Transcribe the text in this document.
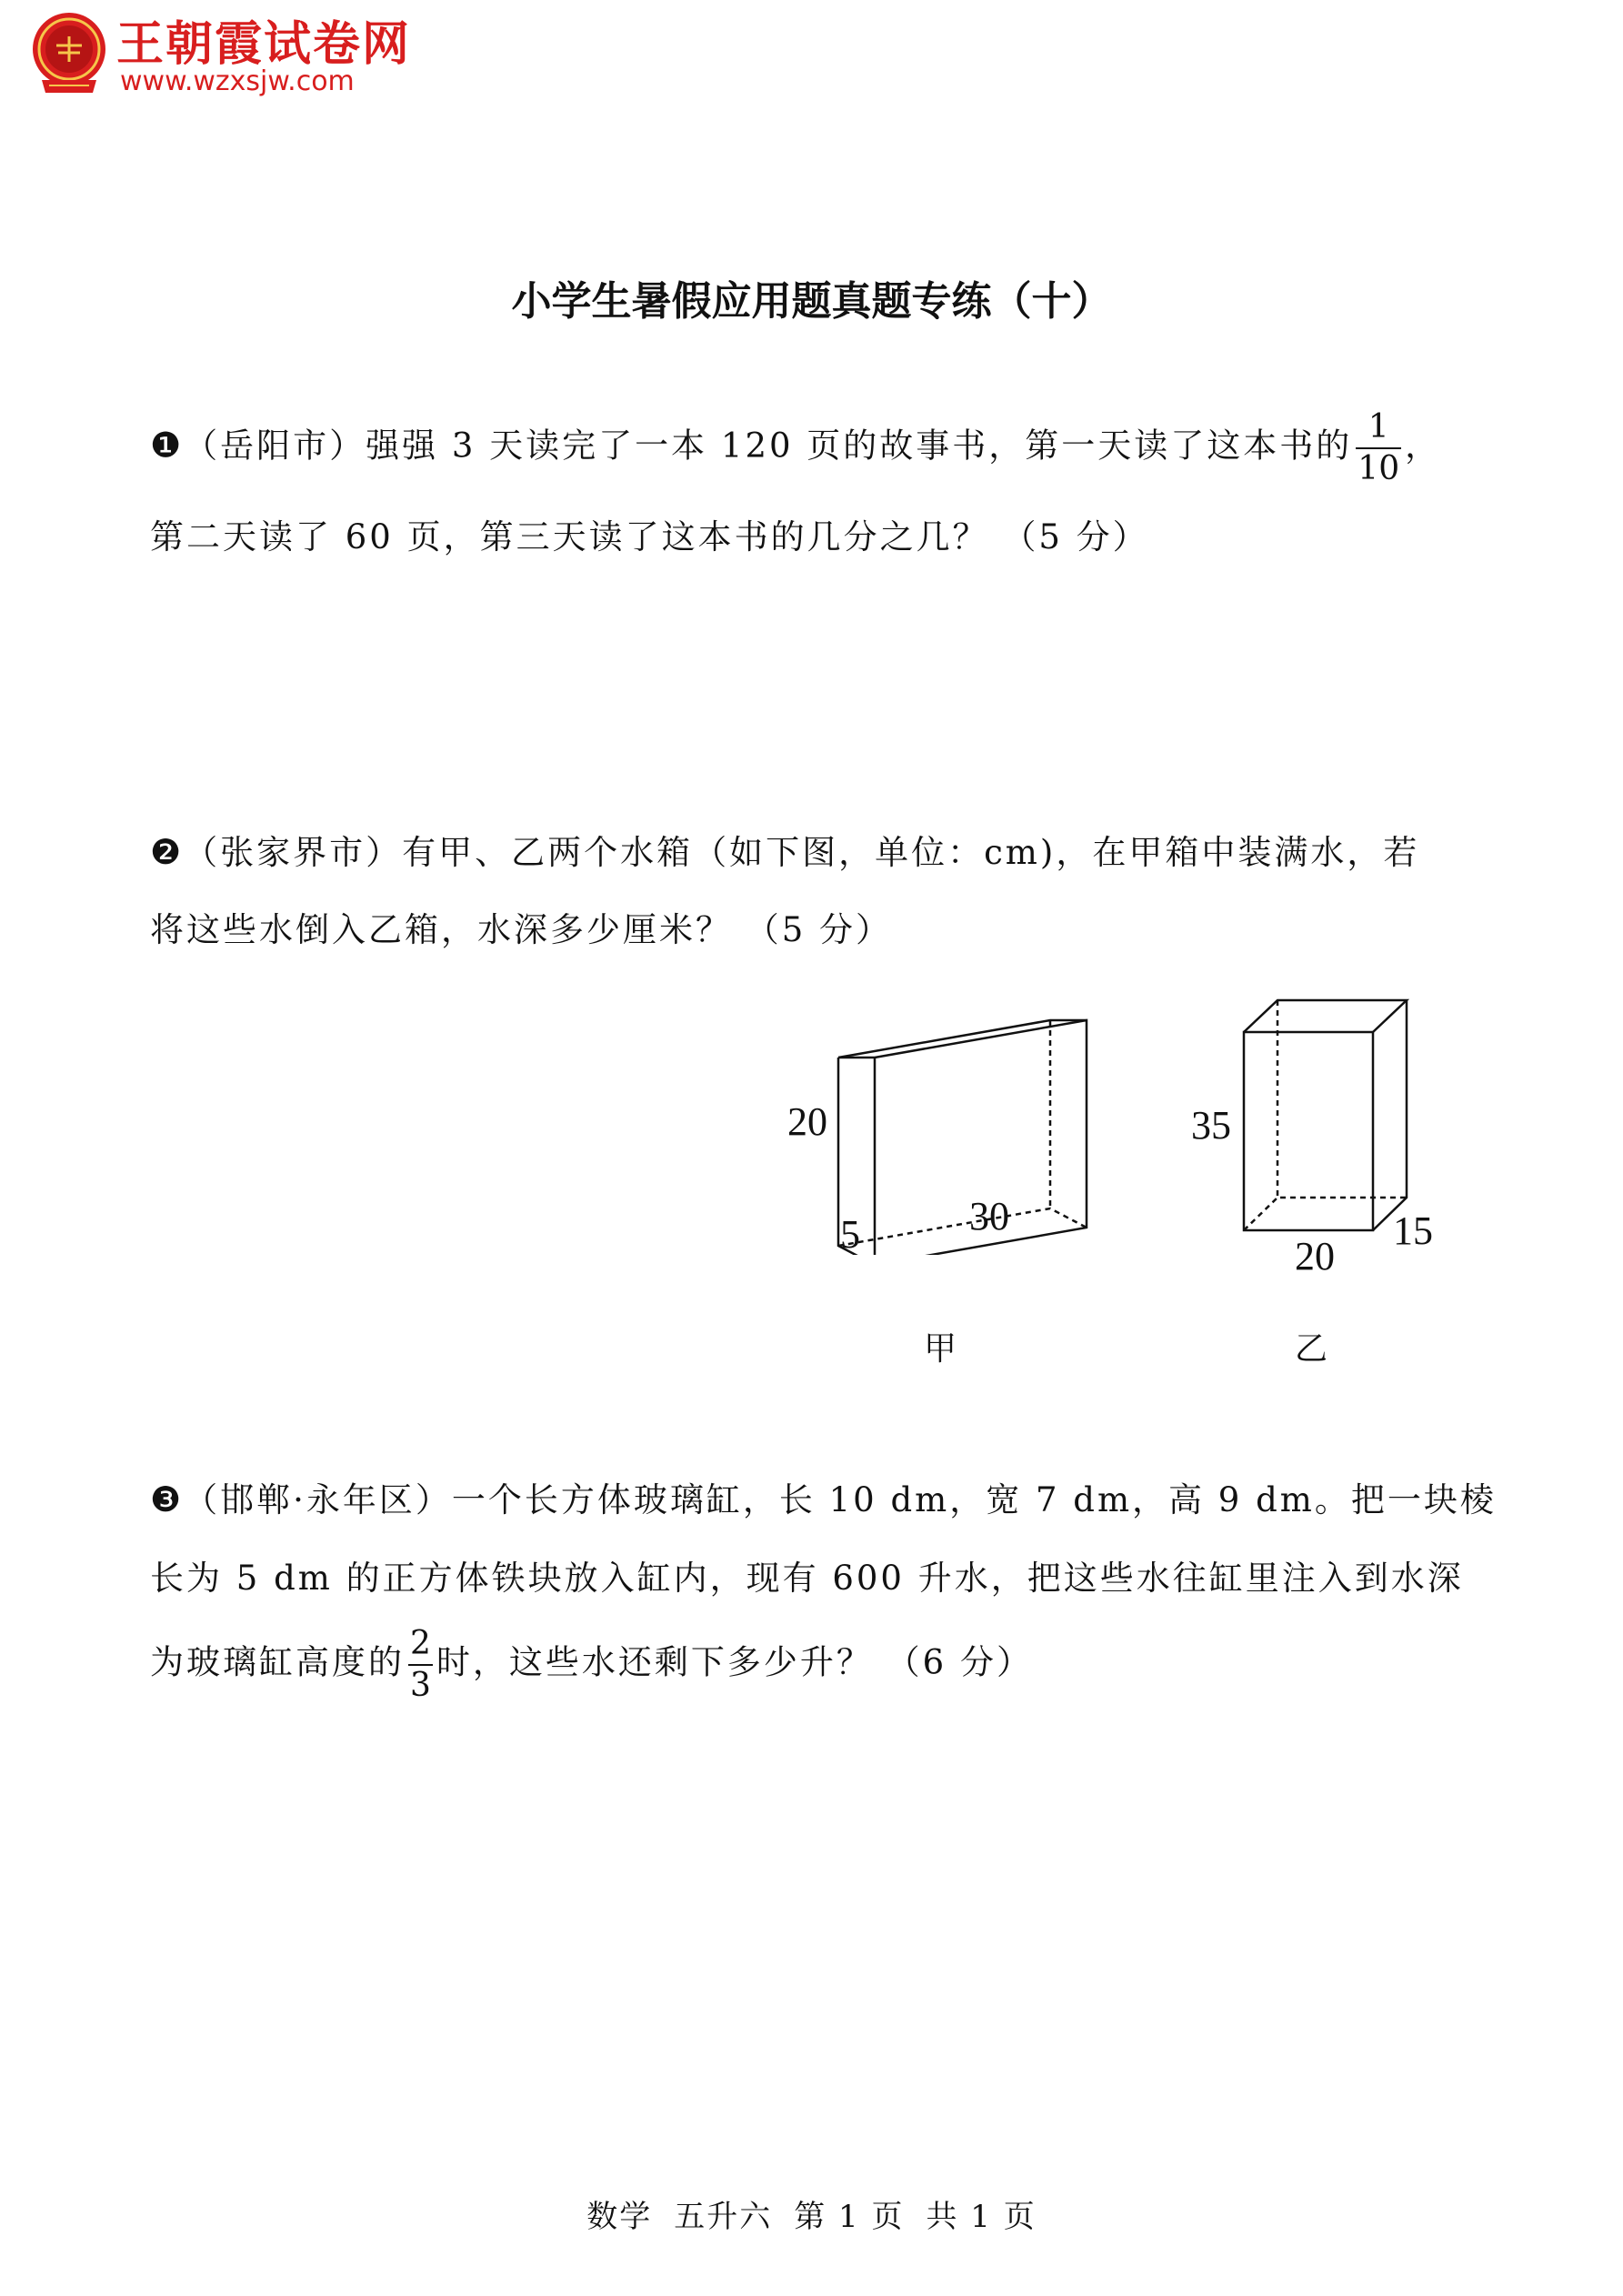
王朝霞试卷网
www.wzxsjw.com
小学生暑假应用题真题专练（十）
❶（岳阳市）强强 3 天读完了一本 120 页的故事书，第一天读了这本书的 $\frac{1}{10}$ ，
第二天读了 60 页，第三天读了这本书的几分之几？ （5 分）
❷（张家界市）有甲、乙两个水箱（如下图，单位：cm)，在甲箱中装满水，若
将这些水倒入乙箱，水深多少厘米？ （5 分）
20
5	30
甲
35
20
15
乙
❸（邯郸·永年区）一个长方体玻璃缸，长 10 dm，宽 7 dm，高 9 dm。把一块棱
长为 5 dm 的正方体铁块放入缸内，现有 600 升水，把这些水往缸里注入到水深
为玻璃缸高度的 $\frac{2}{3}$ 时，这些水还剩下多少升？ （6 分）
数学 五升六 第 1 页 共 1 页
